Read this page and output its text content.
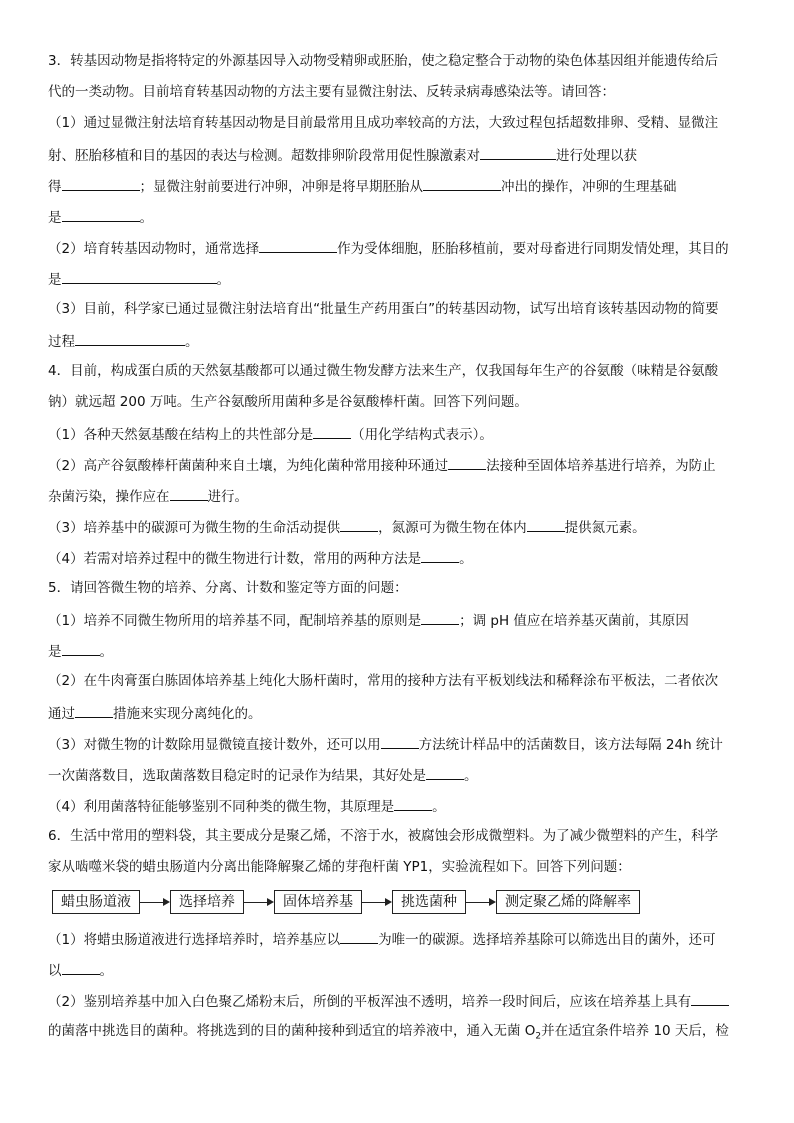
3．转基因动物是指将特定的外源基因导入动物受精卵或胚胎，使之稳定整合于动物的染色体基因组并能遗传给后
代的一类动物。目前培育转基因动物的方法主要有显微注射法、反转录病毒感染法等。请回答：
（1）通过显微注射法培育转基因动物是目前最常用且成功率较高的方法，大致过程包括超数排卵、受精、显微注
射、胚胎移植和目的基因的表达与检测。超数排卵阶段常用促性腺激素对	进行处理以获
得	；显微注射前要进行冲卵，冲卵是将早期胚胎从	冲出的操作，冲卵的生理基础
是	。
（2）培育转基因动物时，通常选择	作为受体细胞，胚胎移植前，要对母畜进行同期发情处理，其目的
是	。
（3）目前，科学家已通过显微注射法培育出“批量生产药用蛋白”的转基因动物，试写出培育该转基因动物的简要
过程	。
4．目前，构成蛋白质的天然氨基酸都可以通过微生物发酵方法来生产，仅我国每年生产的谷氨酸（味精是谷氨酸
钠）就远超 200 万吨。生产谷氨酸所用菌种多是谷氨酸棒杆菌。回答下列问题。
（1）各种天然氨基酸在结构上的共性部分是	（用化学结构式表示）。
（2）高产谷氨酸棒杆菌菌种来自土壤，为纯化菌种常用接种环通过	法接种至固体培养基进行培养，为防止
杂菌污染，操作应在	进行。
（3）培养基中的碳源可为微生物的生命活动提供	，氮源可为微生物在体内	提供氮元素。
（4）若需对培养过程中的微生物进行计数，常用的两种方法是	。
5．请回答微生物的培养、分离、计数和鉴定等方面的问题：
（1）培养不同微生物所用的培养基不同，配制培养基的原则是	；调 pH 值应在培养基灭菌前，其原因
是	。
（2）在牛肉膏蛋白胨固体培养基上纯化大肠杆菌时，常用的接种方法有平板划线法和稀释涂布平板法，二者依次
通过	措施来实现分离纯化的。
（3）对微生物的计数除用显微镜直接计数外，还可以用	方法统计样品中的活菌数目，该方法每隔 24h 统计
一次菌落数目，选取菌落数目稳定时的记录作为结果，其好处是	。
（4）利用菌落特征能够鉴别不同种类的微生物，其原理是	。
6．生活中常用的塑料袋，其主要成分是聚乙烯，不溶于水，被腐蚀会形成微塑料。为了减少微塑料的产生，科学
家从啮噬米袋的蜡虫肠道内分离出能降解聚乙烯的芽孢杆菌 YP1，实验流程如下。回答下列问题：
蜡虫肠道液	选择培养	固体培养基	挑选菌种	测定聚乙烯的降解率
（1）将蜡虫肠道液进行选择培养时，培养基应以	为唯一的碳源。选择培养基除可以筛选出目的菌外，还可
以	。
（2）鉴别培养基中加入白色聚乙烯粉末后，所倒的平板浑浊不透明，培养一段时间后，应该在培养基上具有
的菌落中挑选目的菌种。将挑选到的目的菌种接种到适宜的培养液中，通入无菌 $O_2$并在适宜条件培养 10 天后，检
